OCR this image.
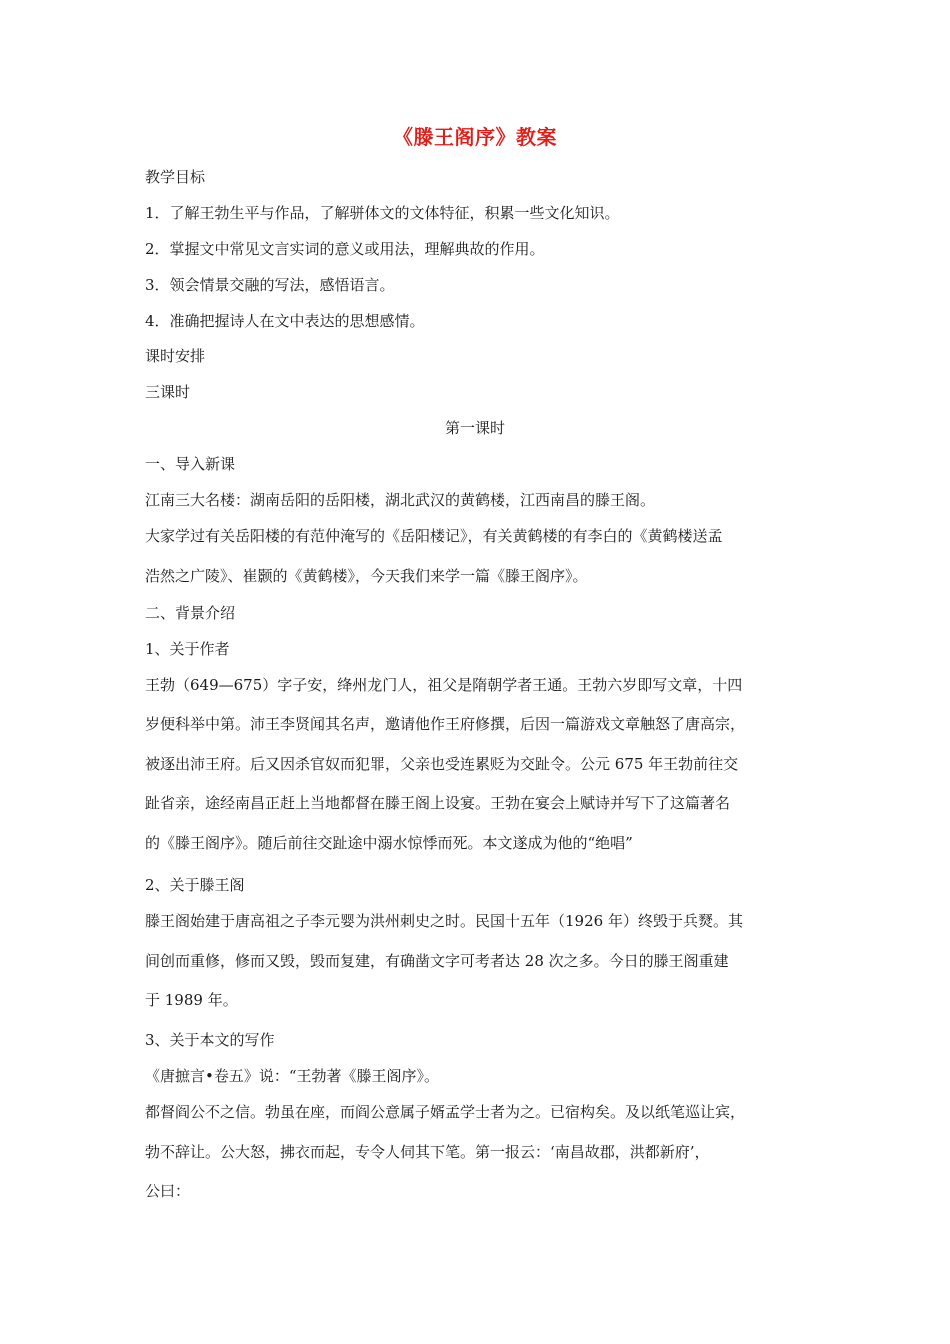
《滕王阁序》教案
教学目标
1．了解王勃生平与作品，了解骈体文的文体特征，积累一些文化知识。
2．掌握文中常见文言实词的意义或用法，理解典故的作用。
3．领会情景交融的写法，感悟语言。
4．准确把握诗人在文中表达的思想感情。
课时安排
三课时
第一课时
一、导入新课
江南三大名楼：湖南岳阳的岳阳楼，湖北武汉的黄鹤楼，江西南昌的滕王阁。
大家学过有关岳阳楼的有范仲淹写的《岳阳楼记》，有关黄鹤楼的有李白的《黄鹤楼送孟
浩然之广陵》、崔颢的《黄鹤楼》，今天我们来学一篇《滕王阁序》。
二、背景介绍
1、关于作者
王勃（649—675）字子安，绛州龙门人，祖父是隋朝学者王通。王勃六岁即写文章，十四
岁便科举中第。沛王李贤闻其名声，邀请他作王府修撰，后因一篇游戏文章触怒了唐高宗，
被逐出沛王府。后又因杀官奴而犯罪，父亲也受连累贬为交趾令。公元 675 年王勃前往交
趾省亲，途经南昌正赶上当地都督在滕王阁上设宴。王勃在宴会上赋诗并写下了这篇著名
的《滕王阁序》。随后前往交趾途中溺水惊悸而死。本文遂成为他的“绝唱”
2、关于滕王阁
滕王阁始建于唐高祖之子李元婴为洪州刺史之时。民国十五年（1926 年）终毁于兵燹。其
间创而重修，修而又毁，毁而复建，有确凿文字可考者达 28 次之多。今日的滕王阁重建
于 1989 年。
3、关于本文的写作
《唐摭言•卷五》说：“王勃著《滕王阁序》。
都督阎公不之信。勃虽在座，而阎公意属子婿孟学士者为之。已宿构矣。及以纸笔巡让宾，
勃不辞让。公大怒，拂衣而起，专令人伺其下笔。第一报云：‘南昌故郡，洪都新府’，
公曰：
